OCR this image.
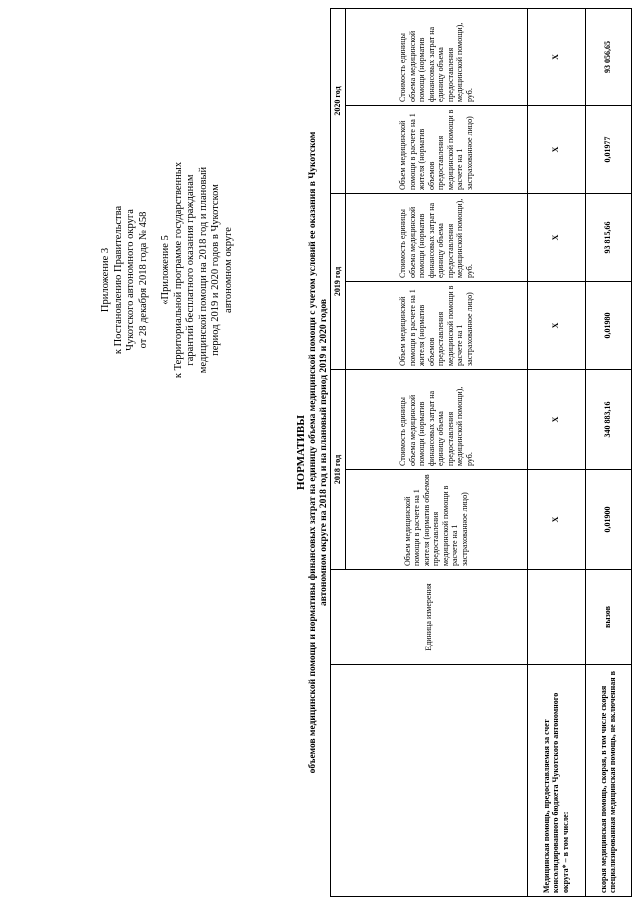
Приложение 3 к Постановлению Правительства Чукотского автономного округа от 28 декабря 2018 года № 458 «Приложение 5 к Территориальной программе государственных гарантий бесплатного оказания гражданам медицинской помощи на 2018 год и плановый период 2019 и 2020 годов в Чукотском автономном округе
НОРМАТИВЫ объемов медицинской помощи и нормативы финансовых затрат на единицу объема медицинской помощи с учетом условий ее оказания в Чукотском автономном округе на 2018 год и на плановый период 2019 и 2020 годов
	Единица измерения	2018 год		2019 год		2020 год	
		Объем медицинской помощи в расчете на 1 жителя (норматив объемов предоставления медицинской помощи в расчете на 1 застрахованное лицо)	Стоимость единицы объема медицинской помощи (норматив финансовых затрат на единицу объема предоставления медицинской помощи), руб.	Объем медицинской помощи в расчете на 1 жителя (норматив объемов предоставления медицинской помощи в расчете на 1 застрахованное лицо)	Стоимость единицы объема медицинской помощи (норматив финансовых затрат на единицу объема предоставления медицинской помощи), руб.	Объем медицинской помощи в расчете на 1 жителя (норматив объемов предоставления медицинской помощи в расчете на 1 застрахованное лицо)	Стоимость единицы объема медицинской помощи (норматив финансовых затрат на единицу объема предоставления медицинской помощи), руб.
Медицинская помощь, предоставляемая за счет консолидированного бюджета Чукотского автономного округа* – в том числе:		Х	Х	Х	Х	Х	Х
скорая медицинская помощь, скорая, в том числе скорая специализированная медицинская помощь, не включенная в	вызов	0,01900	340 883,16	0,01980	93 815,66	0,01977	93 056,65
